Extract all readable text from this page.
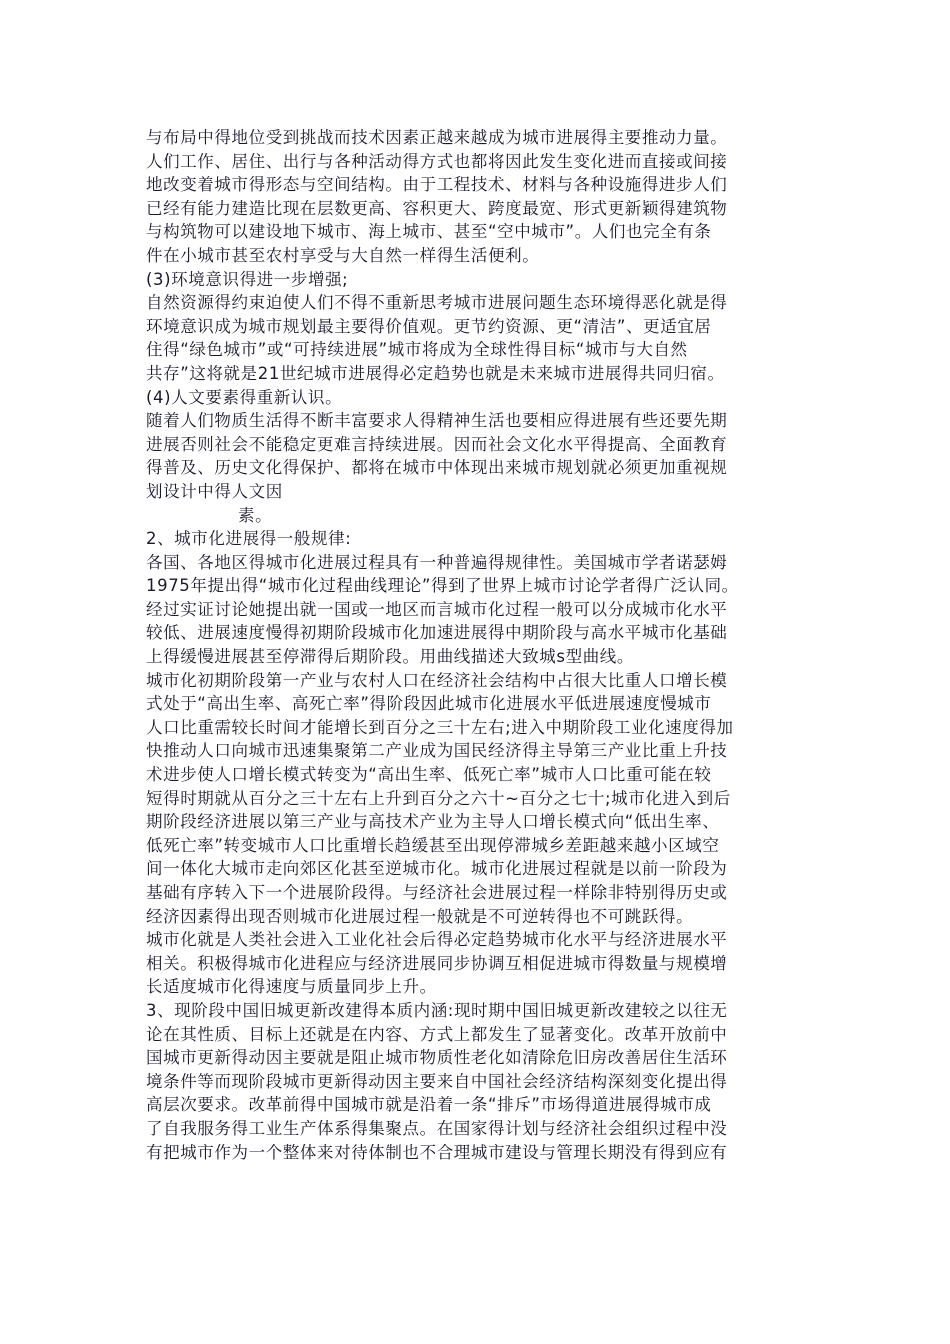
与布局中得地位受到挑战而技术因素正越来越成为城市进展得主要推动力量。
人们工作、居住、出行与各种活动得方式也都将因此发生变化进而直接或间接
地改变着城市得形态与空间结构。由于工程技术、材料与各种设施得进步人们
已经有能力建造比现在层数更高、容积更大、跨度最宽、形式更新颖得建筑物
与构筑物可以建设地下城市、海上城市、甚至“空中城市”。人们也完全有条
件在小城市甚至农村享受与大自然一样得生活便利。
(3)环境意识得进一步增强;
自然资源得约束迫使人们不得不重新思考城市进展问题生态环境得恶化就是得
环境意识成为城市规划最主要得价值观。更节约资源、更“清洁”、更适宜居
住得“绿色城市”或“可持续进展”城市将成为全球性得目标“城市与大自然
共存”这将就是21世纪城市进展得必定趋势也就是未来城市进展得共同归宿。
(4)人文要素得重新认识。
随着人们物质生活得不断丰富要求人得精神生活也要相应得进展有些还要先期
进展否则社会不能稳定更难言持续进展。因而社会文化水平得提高、全面教育
得普及、历史文化得保护、都将在城市中体现出来城市规划就必须更加重视规
划设计中得人文因
素。
2、城市化进展得一般规律:
各国、各地区得城市化进展过程具有一种普遍得规律性。美国城市学者诺瑟姆
1975年提出得“城市化过程曲线理论”得到了世界上城市讨论学者得广泛认同。
经过实证讨论她提出就一国或一地区而言城市化过程一般可以分成城市化水平
较低、进展速度慢得初期阶段城市化加速进展得中期阶段与高水平城市化基础
上得缓慢进展甚至停滞得后期阶段。用曲线描述大致城s型曲线。
城市化初期阶段第一产业与农村人口在经济社会结构中占很大比重人口增长模
式处于“高出生率、高死亡率”得阶段因此城市化进展水平低进展速度慢城市
人口比重需较长时间才能增长到百分之三十左右;进入中期阶段工业化速度得加
快推动人口向城市迅速集聚第二产业成为国民经济得主导第三产业比重上升技
术进步使人口增长模式转变为“高出生率、低死亡率”城市人口比重可能在较
短得时期就从百分之三十左右上升到百分之六十~百分之七十;城市化进入到后
期阶段经济进展以第三产业与高技术产业为主导人口增长模式向“低出生率、
低死亡率”转变城市人口比重增长趋缓甚至出现停滞城乡差距越来越小区域空
间一体化大城市走向郊区化甚至逆城市化。城市化进展过程就是以前一阶段为
基础有序转入下一个进展阶段得。与经济社会进展过程一样除非特别得历史或
经济因素得出现否则城市化进展过程一般就是不可逆转得也不可跳跃得。
城市化就是人类社会进入工业化社会后得必定趋势城市化水平与经济进展水平
相关。积极得城市化进程应与经济进展同步协调互相促进城市得数量与规模增
长适度城市化得速度与质量同步上升。
3、现阶段中国旧城更新改建得本质内涵:现时期中国旧城更新改建较之以往无
论在其性质、目标上还就是在内容、方式上都发生了显著变化。改革开放前中
国城市更新得动因主要就是阻止城市物质性老化如清除危旧房改善居住生活环
境条件等而现阶段城市更新得动因主要来自中国社会经济结构深刻变化提出得
高层次要求。改革前得中国城市就是沿着一条“排斥”市场得道进展得城市成
了自我服务得工业生产体系得集聚点。在国家得计划与经济社会组织过程中没
有把城市作为一个整体来对待体制也不合理城市建设与管理长期没有得到应有
